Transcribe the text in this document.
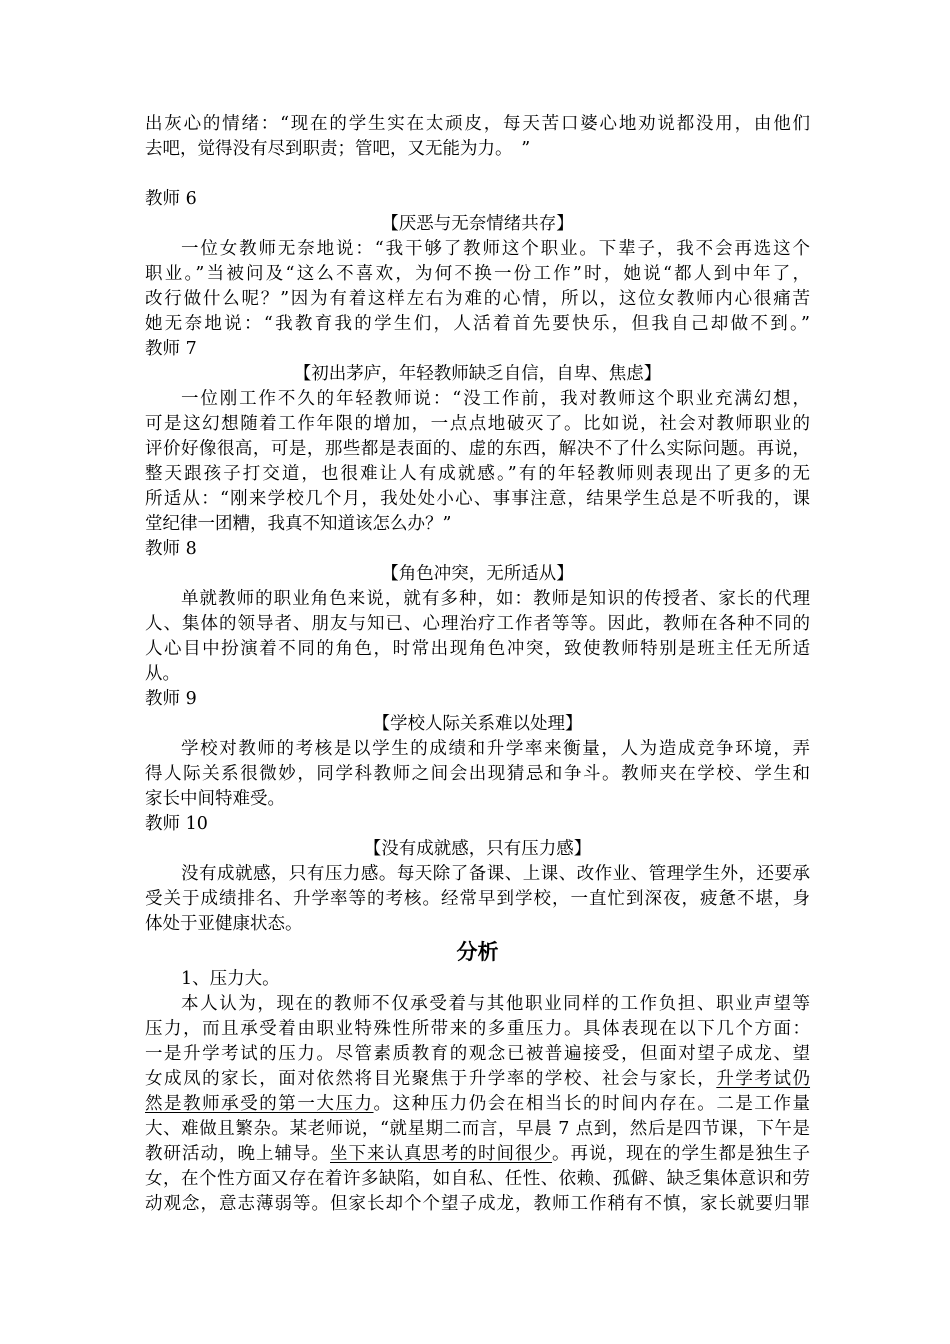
出灰心的情绪：“现在的学生实在太顽皮，每天苦口婆心地劝说都没用，由他们
去吧，觉得没有尽到职责；管吧，又无能为力。　”
教师 6
【厌恶与无奈情绪共存】
一位女教师无奈地说：“我干够了教师这个职业。下辈子，我不会再选这个
职业。”当被问及“这么不喜欢，为何不换一份工作”时，她说“都人到中年了，
改行做什么呢？”因为有着这样左右为难的心情，所以，这位女教师内心很痛苦
她无奈地说：“我教育我的学生们，人活着首先要快乐，但我自己却做不到。”
教师 7
【初出茅庐，年轻教师缺乏自信，自卑、焦虑】
一位刚工作不久的年轻教师说：“没工作前，我对教师这个职业充满幻想，
可是这幻想随着工作年限的增加，一点点地破灭了。比如说，社会对教师职业的
评价好像很高，可是，那些都是表面的、虚的东西，解决不了什么实际问题。再说，
整天跟孩子打交道，也很难让人有成就感。”有的年轻教师则表现出了更多的无
所适从：“刚来学校几个月，我处处小心、事事注意，结果学生总是不听我的，课
堂纪律一团糟，我真不知道该怎么办？”
教师 8
【角色冲突，无所适从】
单就教师的职业角色来说，就有多种，如：教师是知识的传授者、家长的代理
人、集体的领导者、朋友与知已、心理治疗工作者等等。因此，教师在各种不同的
人心目中扮演着不同的角色，时常出现角色冲突，致使教师特别是班主任无所适
从。
教师 9
【学校人际关系难以处理】
学校对教师的考核是以学生的成绩和升学率来衡量，人为造成竞争环境，弄
得人际关系很微妙，同学科教师之间会出现猜忌和争斗。教师夹在学校、学生和
家长中间特难受。
教师 10
【没有成就感，只有压力感】
没有成就感，只有压力感。每天除了备课、上课、改作业、管理学生外，还要承
受关于成绩排名、升学率等的考核。经常早到学校，一直忙到深夜，疲惫不堪，身
体处于亚健康状态。
分析
1、压力大。
本人认为，现在的教师不仅承受着与其他职业同样的工作负担、职业声望等
压力，而且承受着由职业特殊性所带来的多重压力。具体表现在以下几个方面：
一是升学考试的压力。尽管素质教育的观念已被普遍接受，但面对望子成龙、望
女成凤的家长，面对依然将目光聚焦于升学率的学校、社会与家长，升学考试仍
然是教师承受的第一大压力。这种压力仍会在相当长的时间内存在。二是工作量
大、难做且繁杂。某老师说，“就星期二而言，早晨 7 点到，然后是四节课，下午是
教研活动，晚上辅导。坐下来认真思考的时间很少。再说，现在的学生都是独生子
女，在个性方面又存在着许多缺陷，如自私、任性、依赖、孤僻、缺乏集体意识和劳
动观念，意志薄弱等。但家长却个个望子成龙，教师工作稍有不慎，家长就要归罪
